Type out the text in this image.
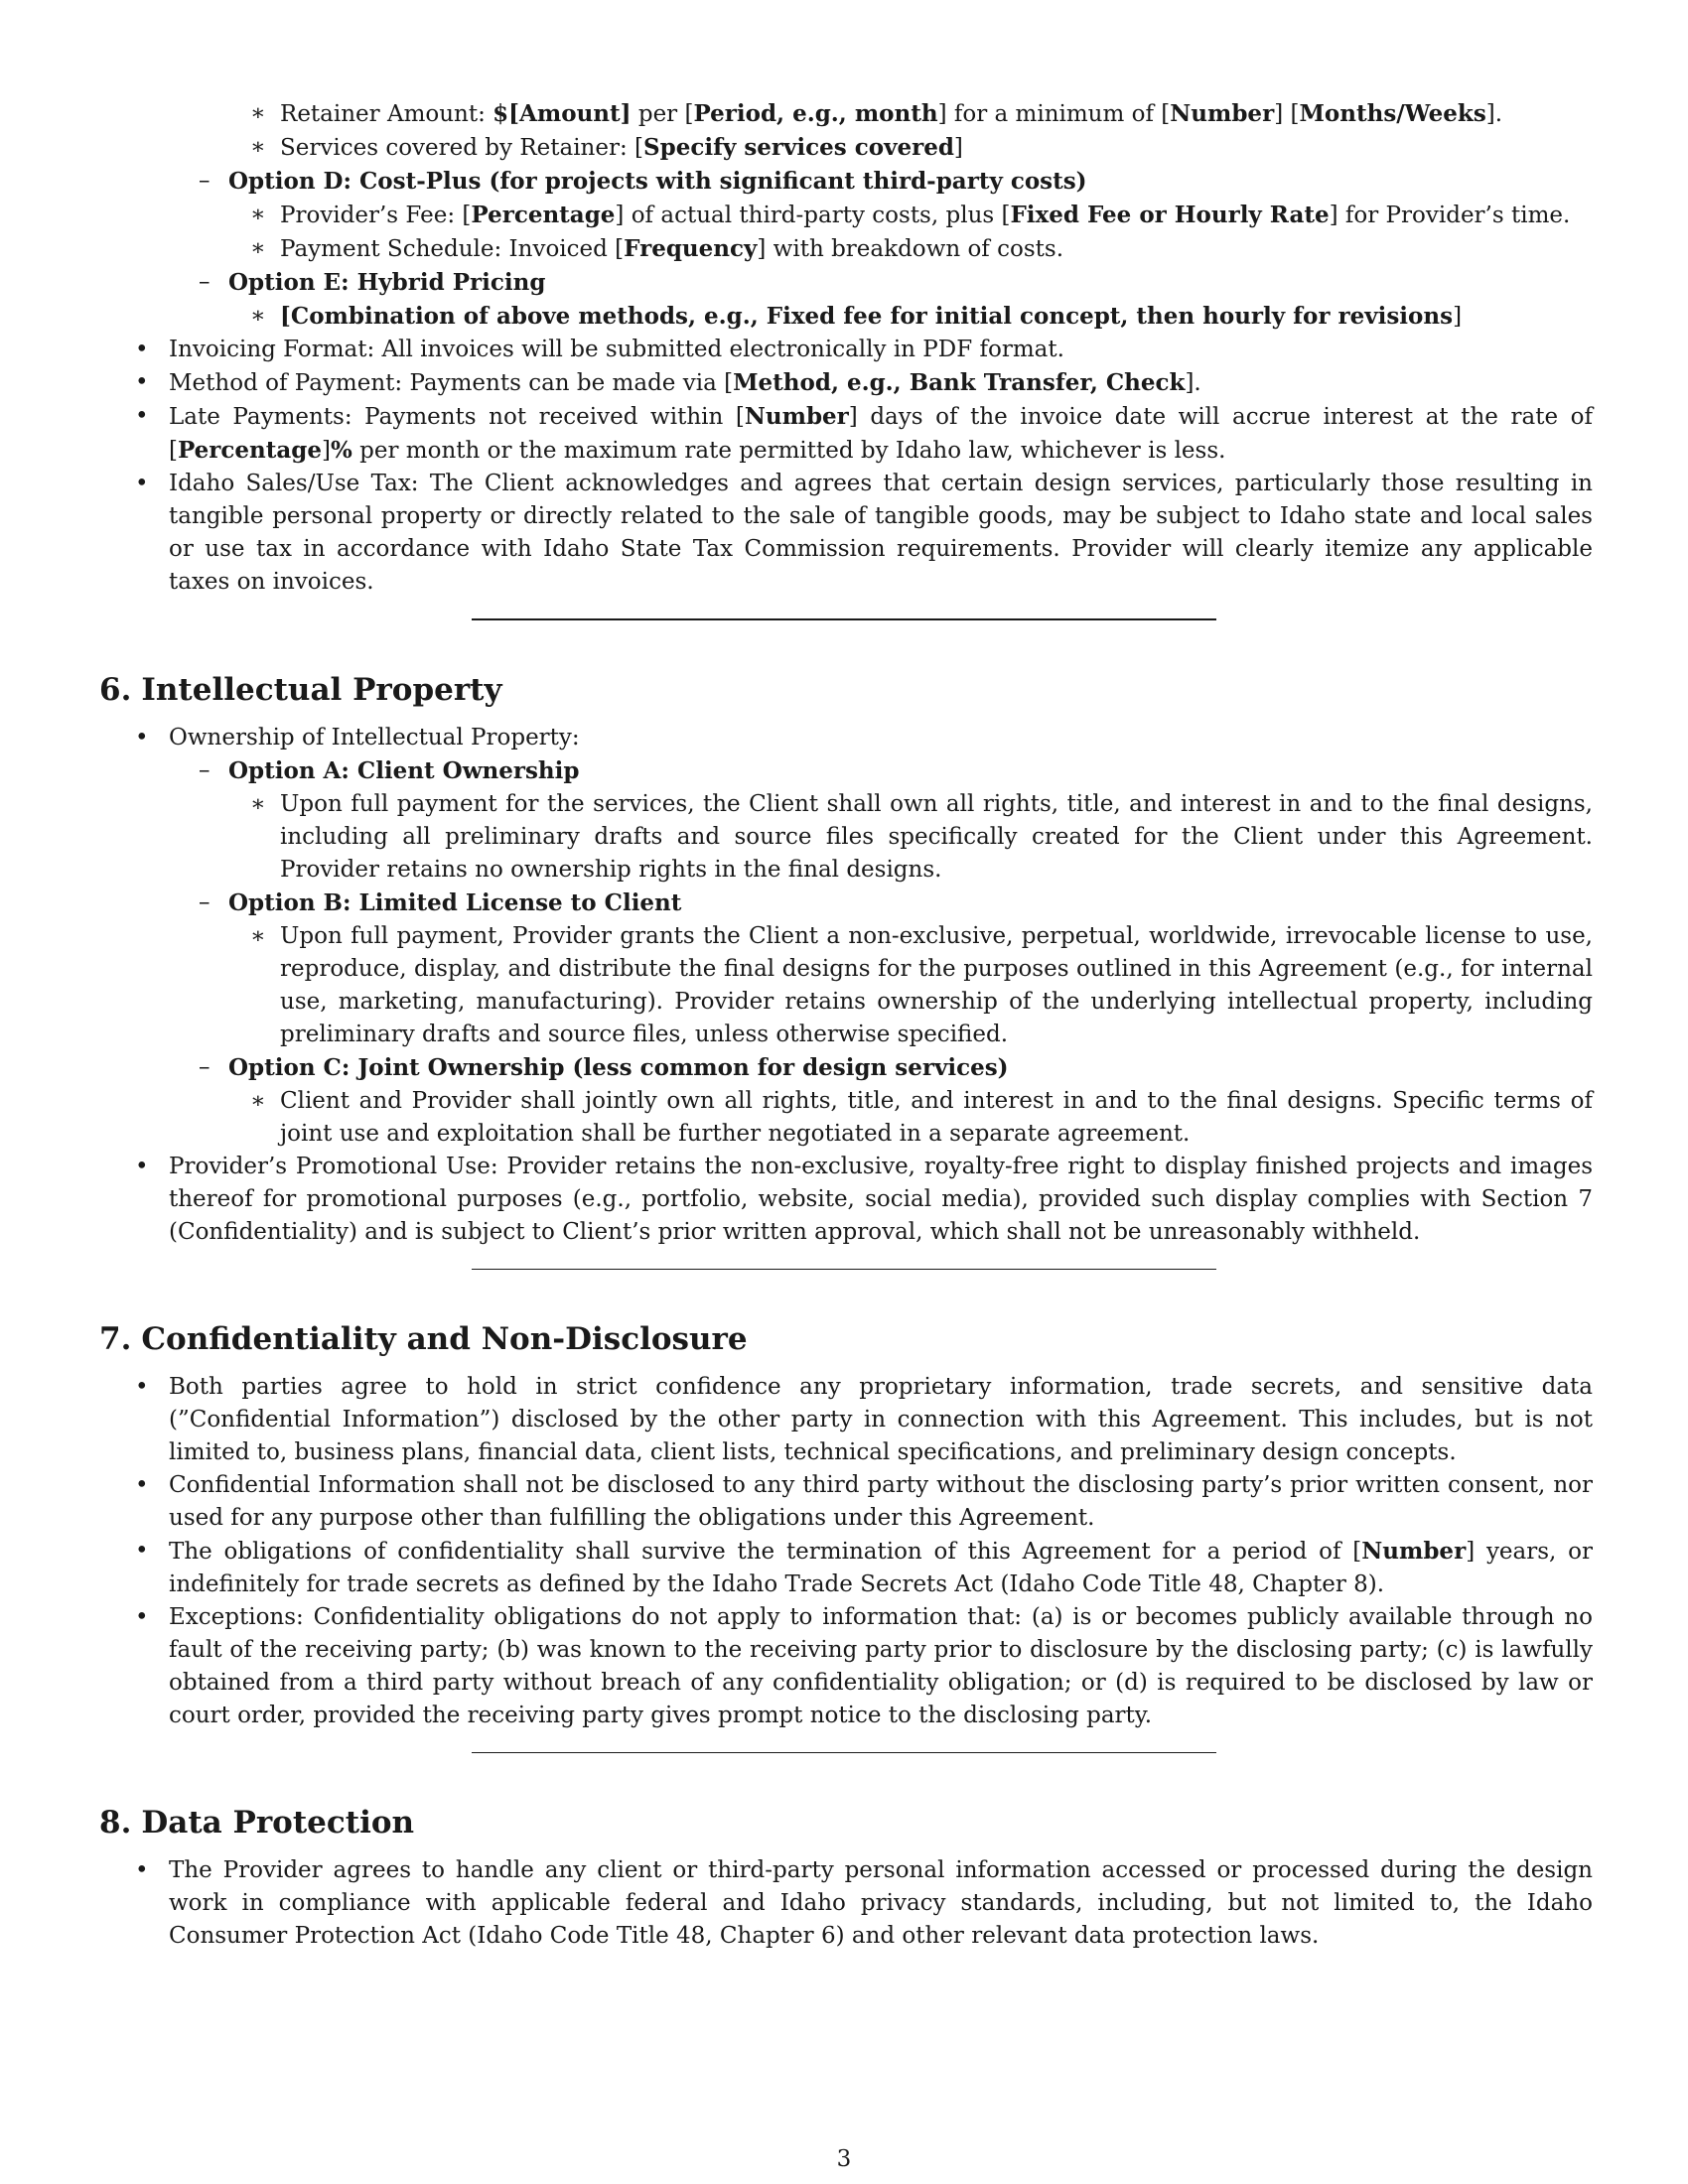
∗ Retainer Amount: $[Amount] per [Period, e.g., month] for a minimum of [Number] [Months/Weeks].
∗ Services covered by Retainer: [Specify services covered]
– Option D: Cost-Plus (for projects with significant third-party costs)
∗ Provider’s Fee: [Percentage] of actual third-party costs, plus [Fixed Fee or Hourly Rate] for Provider’s time.
∗ Payment Schedule: Invoiced [Frequency] with breakdown of costs.
– Option E: Hybrid Pricing
∗ [Combination of above methods, e.g., Fixed fee for initial concept, then hourly for revisions]
• Invoicing Format: All invoices will be submitted electronically in PDF format.
• Method of Payment: Payments can be made via [Method, e.g., Bank Transfer, Check].
• Late Payments: Payments not received within [Number] days of the invoice date will accrue interest at the rate of [Percentage]% per month or the maximum rate permitted by Idaho law, whichever is less.
• Idaho Sales/Use Tax: The Client acknowledges and agrees that certain design services, particularly those resulting in tangible personal property or directly related to the sale of tangible goods, may be subject to Idaho state and local sales or use tax in accordance with Idaho State Tax Commission requirements. Provider will clearly itemize any applicable taxes on invoices.
6. Intellectual Property
• Ownership of Intellectual Property:
– Option A: Client Ownership
∗ Upon full payment for the services, the Client shall own all rights, title, and interest in and to the final designs, including all preliminary drafts and source files specifically created for the Client under this Agreement. Provider retains no ownership rights in the final designs.
– Option B: Limited License to Client
∗ Upon full payment, Provider grants the Client a non-exclusive, perpetual, worldwide, irrevocable license to use, reproduce, display, and distribute the final designs for the purposes outlined in this Agreement (e.g., for internal use, marketing, manufacturing). Provider retains ownership of the underlying intellectual property, including preliminary drafts and source files, unless otherwise specified.
– Option C: Joint Ownership (less common for design services)
∗ Client and Provider shall jointly own all rights, title, and interest in and to the final designs. Specific terms of joint use and exploitation shall be further negotiated in a separate agreement.
• Provider’s Promotional Use: Provider retains the non-exclusive, royalty-free right to display finished projects and images thereof for promotional purposes (e.g., portfolio, website, social media), provided such display complies with Section 7 (Confidentiality) and is subject to Client’s prior written approval, which shall not be unreasonably withheld.
7. Confidentiality and Non-Disclosure
• Both parties agree to hold in strict confidence any proprietary information, trade secrets, and sensitive data (”Confidential Information”) disclosed by the other party in connection with this Agreement. This includes, but is not limited to, business plans, financial data, client lists, technical specifications, and preliminary design concepts.
• Confidential Information shall not be disclosed to any third party without the disclosing party’s prior written consent, nor used for any purpose other than fulfilling the obligations under this Agreement.
• The obligations of confidentiality shall survive the termination of this Agreement for a period of [Number] years, or indefinitely for trade secrets as defined by the Idaho Trade Secrets Act (Idaho Code Title 48, Chapter 8).
• Exceptions: Confidentiality obligations do not apply to information that: (a) is or becomes publicly available through no fault of the receiving party; (b) was known to the receiving party prior to disclosure by the disclosing party; (c) is lawfully obtained from a third party without breach of any confidentiality obligation; or (d) is required to be disclosed by law or court order, provided the receiving party gives prompt notice to the disclosing party.
8. Data Protection
• The Provider agrees to handle any client or third-party personal information accessed or processed during the design work in compliance with applicable federal and Idaho privacy standards, including, but not limited to, the Idaho Consumer Protection Act (Idaho Code Title 48, Chapter 6) and other relevant data protection laws.
3
